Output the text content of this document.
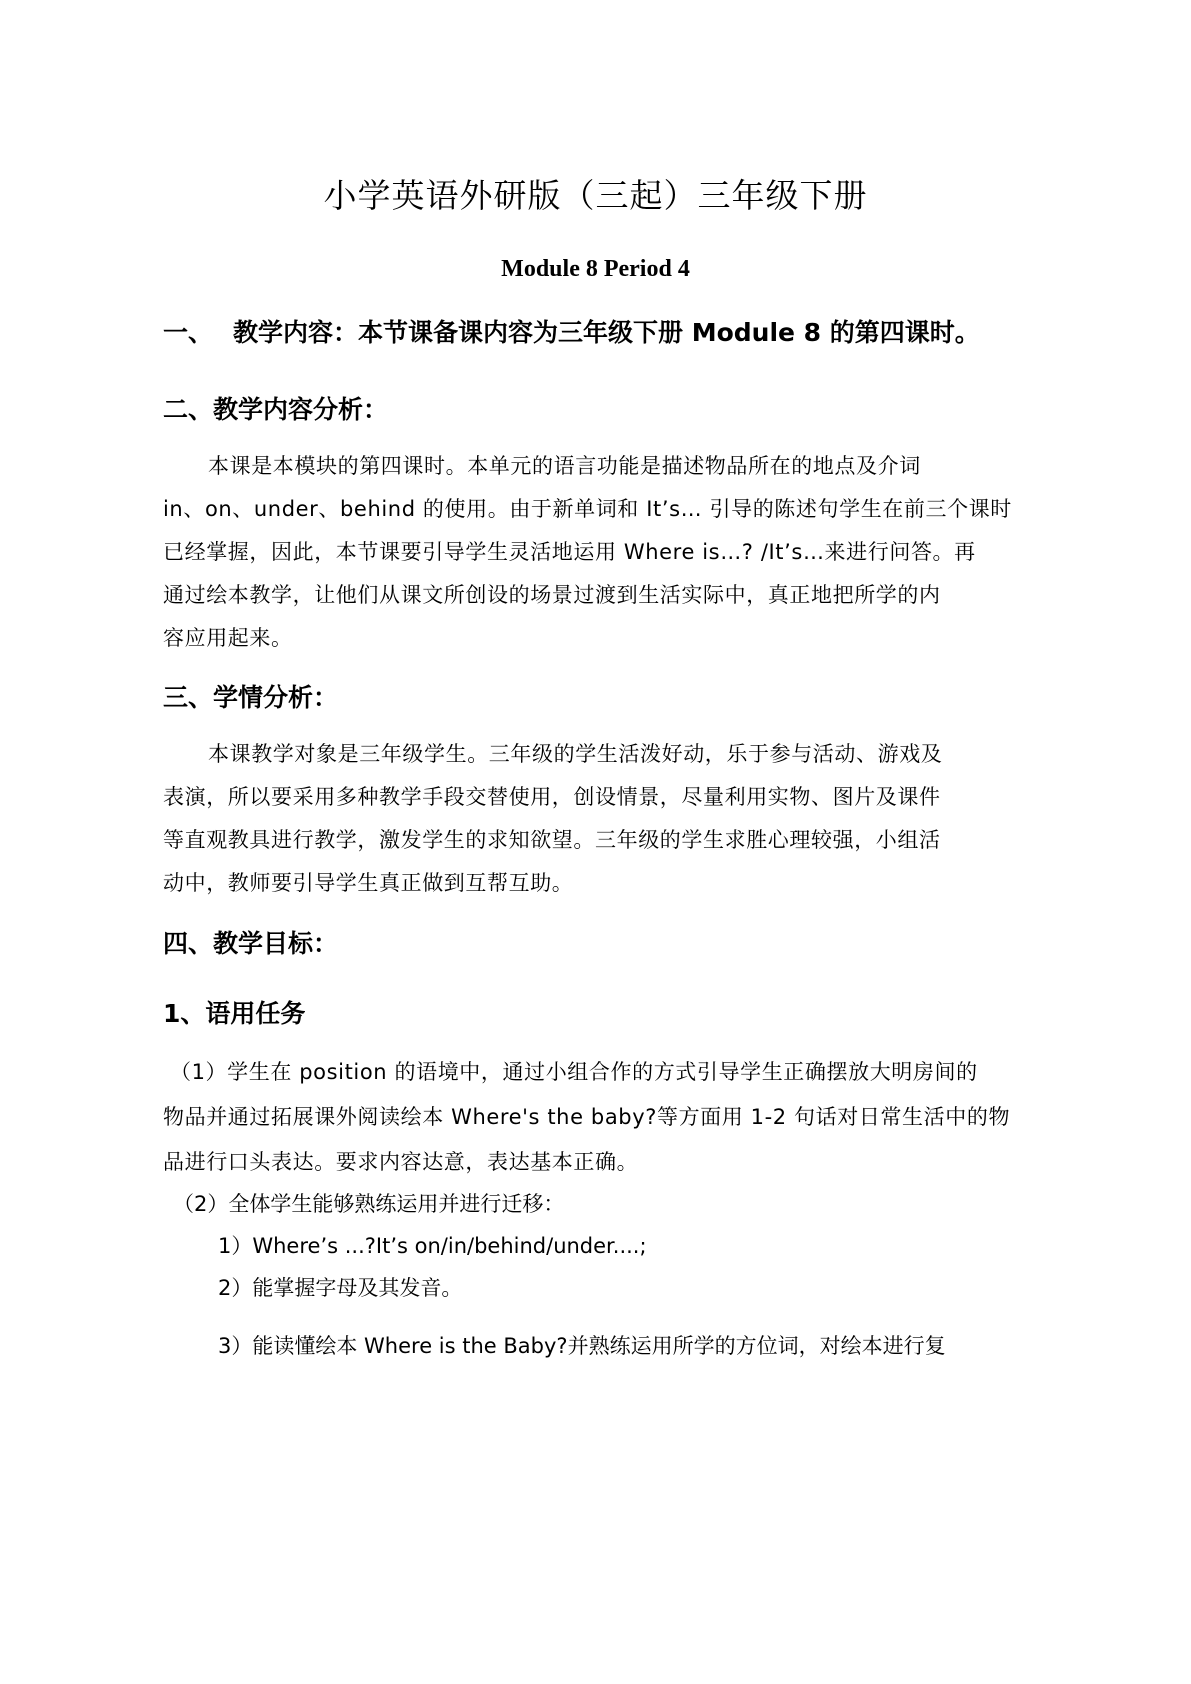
小学英语外研版（三起）三年级下册
Module 8 Period 4
一、 教学内容：本节课备课内容为三年级下册 Module 8 的第四课时。
二、教学内容分析：
本课是本模块的第四课时。本单元的语言功能是描述物品所在的地点及介词
in、on、under、behind 的使用。由于新单词和 It’s… 引导的陈述句学生在前三个课时
已经掌握，因此，本节课要引导学生灵活地运用 Where is…? /It’s…来进行问答。再
通过绘本教学，让他们从课文所创设的场景过渡到生活实际中，真正地把所学的内
容应用起来。
三、学情分析：
本课教学对象是三年级学生。三年级的学生活泼好动，乐于参与活动、游戏及
表演，所以要采用多种教学手段交替使用，创设情景，尽量利用实物、图片及课件
等直观教具进行教学，激发学生的求知欲望。三年级的学生求胜心理较强，小组活
动中，教师要引导学生真正做到互帮互助。
四、教学目标：
1、语用任务
（1）学生在 position 的语境中，通过小组合作的方式引导学生正确摆放大明房间的
物品并通过拓展课外阅读绘本 Where's the baby?等方面用 1-2 句话对日常生活中的物
品进行口头表达。要求内容达意，表达基本正确。
（2）全体学生能够熟练运用并进行迁移：
1）Where’s ...?It’s on/in/behind/under....;
2）能掌握字母及其发音。
3）能读懂绘本 Where is the Baby?并熟练运用所学的方位词，对绘本进行复
